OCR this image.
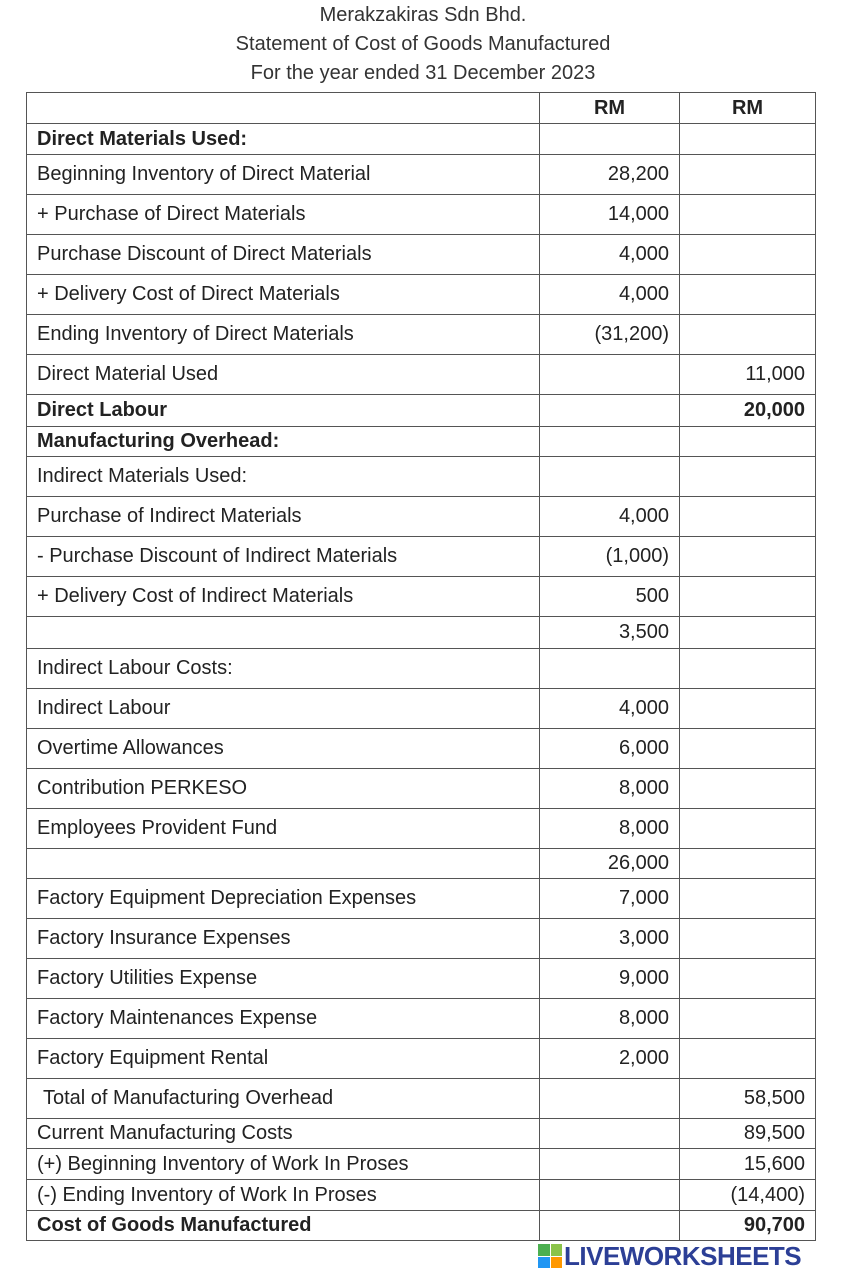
Merakzakiras Sdn Bhd.
Statement of Cost of Goods Manufactured
For the year ended 31 December 2023
	RM	RM
Direct Materials Used:		
Beginning Inventory of Direct Material	28,200	
+ Purchase of Direct Materials	14,000	
Purchase Discount of Direct Materials	4,000	
+ Delivery Cost of Direct Materials	4,000	
Ending Inventory of Direct Materials	(31,200)	
Direct Material Used		11,000
Direct Labour		20,000
Manufacturing Overhead:		
Indirect Materials Used:		
Purchase of Indirect Materials	4,000	
- Purchase Discount of Indirect Materials	(1,000)	
+ Delivery Cost of Indirect Materials	500	
	3,500	
Indirect Labour Costs:		
Indirect Labour	4,000	
Overtime Allowances	6,000	
Contribution PERKESO	8,000	
Employees Provident Fund	8,000	
	26,000	
Factory Equipment Depreciation Expenses	7,000	
Factory Insurance Expenses	3,000	
Factory Utilities Expense	9,000	
Factory Maintenances Expense	8,000	
Factory Equipment Rental	2,000	
Total of Manufacturing Overhead		58,500
Current Manufacturing Costs		89,500
(+) Beginning Inventory of Work In Proses		15,600
(-) Ending Inventory of Work In Proses		(14,400)
Cost of Goods Manufactured		90,700
LIVEWORKSHEETS
